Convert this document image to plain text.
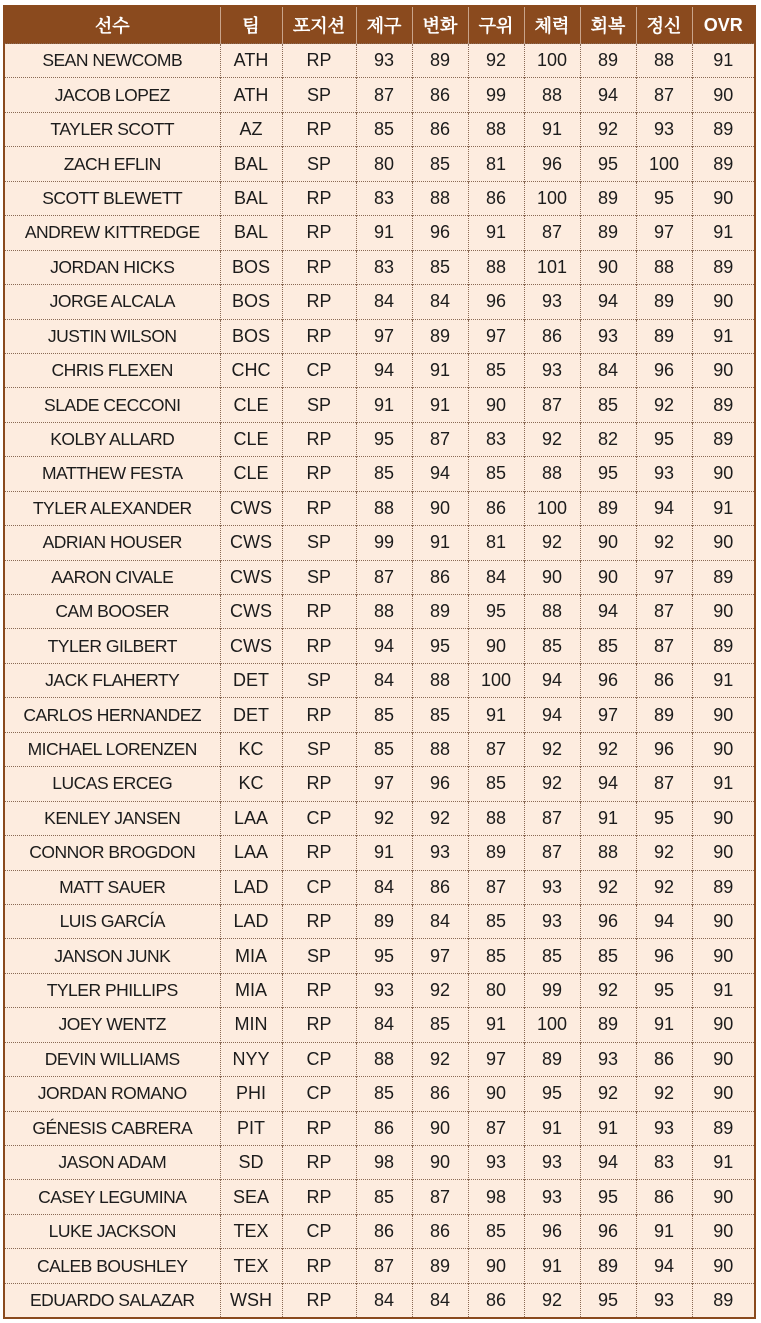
선수	팀	포지션	제구	변화	구위	체력	회복	정신	OVR
SEAN NEWCOMB	ATH	RP	93	89	92	100	89	88	91
JACOB LOPEZ	ATH	SP	87	86	99	88	94	87	90
TAYLER SCOTT	AZ	RP	85	86	88	91	92	93	89
ZACH EFLIN	BAL	SP	80	85	81	96	95	100	89
SCOTT BLEWETT	BAL	RP	83	88	86	100	89	95	90
ANDREW KITTREDGE	BAL	RP	91	96	91	87	89	97	91
JORDAN HICKS	BOS	RP	83	85	88	101	90	88	89
JORGE ALCALA	BOS	RP	84	84	96	93	94	89	90
JUSTIN WILSON	BOS	RP	97	89	97	86	93	89	91
CHRIS FLEXEN	CHC	CP	94	91	85	93	84	96	90
SLADE CECCONI	CLE	SP	91	91	90	87	85	92	89
KOLBY ALLARD	CLE	RP	95	87	83	92	82	95	89
MATTHEW FESTA	CLE	RP	85	94	85	88	95	93	90
TYLER ALEXANDER	CWS	RP	88	90	86	100	89	94	91
ADRIAN HOUSER	CWS	SP	99	91	81	92	90	92	90
AARON CIVALE	CWS	SP	87	86	84	90	90	97	89
CAM BOOSER	CWS	RP	88	89	95	88	94	87	90
TYLER GILBERT	CWS	RP	94	95	90	85	85	87	89
JACK FLAHERTY	DET	SP	84	88	100	94	96	86	91
CARLOS HERNANDEZ	DET	RP	85	85	91	94	97	89	90
MICHAEL LORENZEN	KC	SP	85	88	87	92	92	96	90
LUCAS ERCEG	KC	RP	97	96	85	92	94	87	91
KENLEY JANSEN	LAA	CP	92	92	88	87	91	95	90
CONNOR BROGDON	LAA	RP	91	93	89	87	88	92	90
MATT SAUER	LAD	CP	84	86	87	93	92	92	89
LUIS GARCÍA	LAD	RP	89	84	85	93	96	94	90
JANSON JUNK	MIA	SP	95	97	85	85	85	96	90
TYLER PHILLIPS	MIA	RP	93	92	80	99	92	95	91
JOEY WENTZ	MIN	RP	84	85	91	100	89	91	90
DEVIN WILLIAMS	NYY	CP	88	92	97	89	93	86	90
JORDAN ROMANO	PHI	CP	85	86	90	95	92	92	90
GÉNESIS CABRERA	PIT	RP	86	90	87	91	91	93	89
JASON ADAM	SD	RP	98	90	93	93	94	83	91
CASEY LEGUMINA	SEA	RP	85	87	98	93	95	86	90
LUKE JACKSON	TEX	CP	86	86	85	96	96	91	90
CALEB BOUSHLEY	TEX	RP	87	89	90	91	89	94	90
EDUARDO SALAZAR	WSH	RP	84	84	86	92	95	93	89
